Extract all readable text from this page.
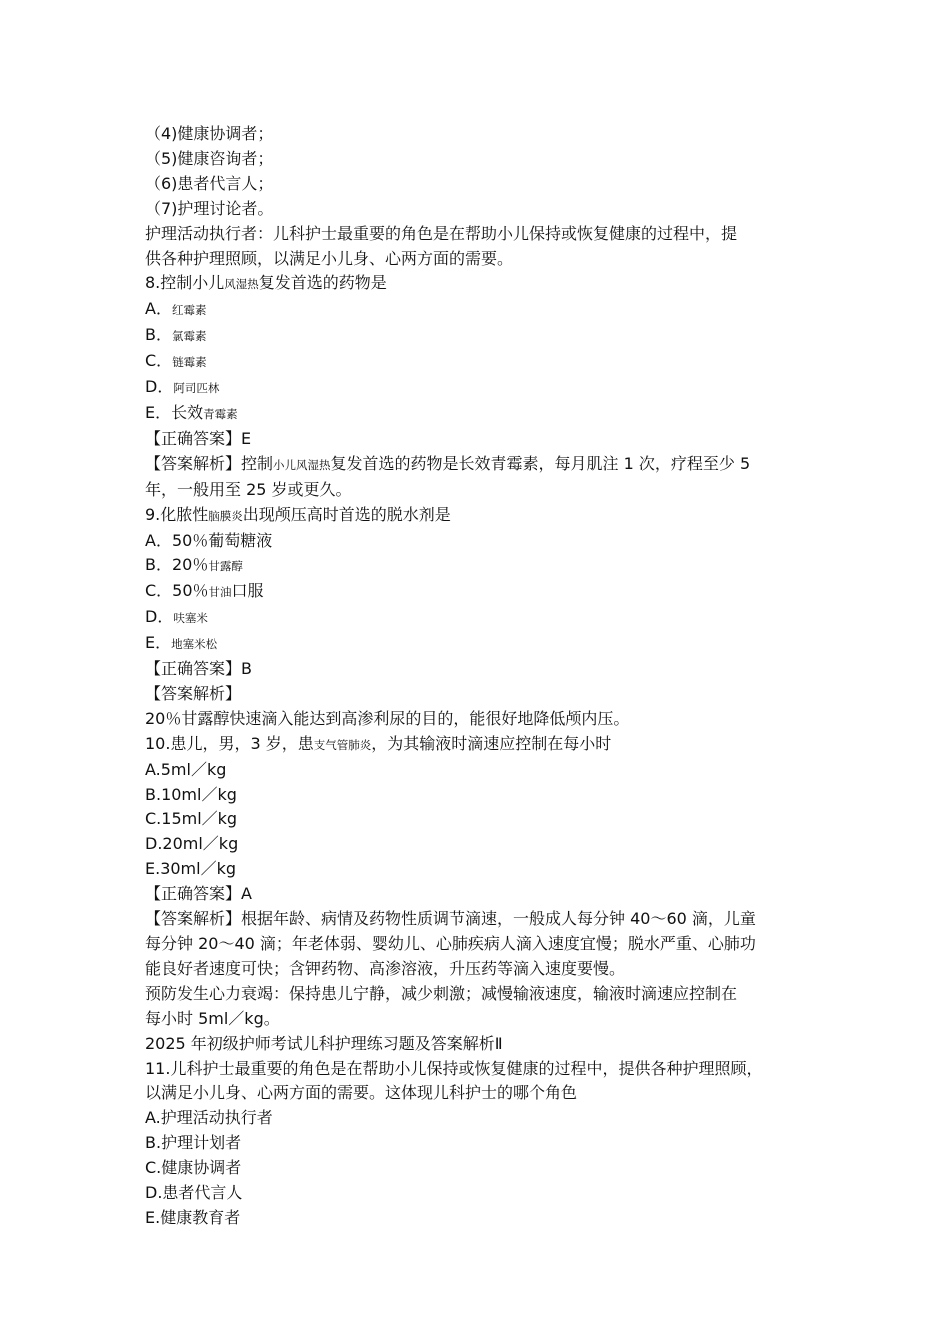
（4)健康协调者；
（5)健康咨询者；
（6)患者代言人；
（7)护理讨论者。
护理活动执行者：儿科护士最重要的角色是在帮助小儿保持或恢复健康的过程中，提
供各种护理照顾，以满足小儿身、心两方面的需要。
8.控制小儿风湿热复发首选的药物是
A．红霉素
B．氯霉素
C．链霉素
D．阿司匹林
E．长效青霉素
【正确答案】E
【答案解析】控制小儿风湿热复发首选的药物是长效青霉素，每月肌注 1 次，疗程至少 5
年，一般用至 25 岁或更久。
9.化脓性脑膜炎出现颅压高时首选的脱水剂是
A．50％葡萄糖液
B．20％甘露醇
C．50％甘油口服
D．呋塞米
E．地塞米松
【正确答案】B
【答案解析】
20％甘露醇快速滴入能达到高渗利尿的目的，能很好地降低颅内压。
10.患儿，男，3 岁，患支气管肺炎，为其输液时滴速应控制在每小时
A.5ml／kg
B.10ml／kg
C.15ml／kg
D.20ml／kg
E.30ml／kg
【正确答案】A
【答案解析】根据年龄、病情及药物性质调节滴速，一般成人每分钟 40～60 滴，儿童
每分钟 20～40 滴；年老体弱、婴幼儿、心肺疾病人滴入速度宜慢；脱水严重、心肺功
能良好者速度可快；含钾药物、高渗溶液，升压药等滴入速度要慢。
预防发生心力衰竭：保持患儿宁静，减少刺激；减慢输液速度，输液时滴速应控制在
每小时 5ml／kg。
2025 年初级护师考试儿科护理练习题及答案解析Ⅱ
11.儿科护士最重要的角色是在帮助小儿保持或恢复健康的过程中，提供各种护理照顾，
以满足小儿身、心两方面的需要。这体现儿科护士的哪个角色
A.护理活动执行者
B.护理计划者
C.健康协调者
D.患者代言人
E.健康教育者
